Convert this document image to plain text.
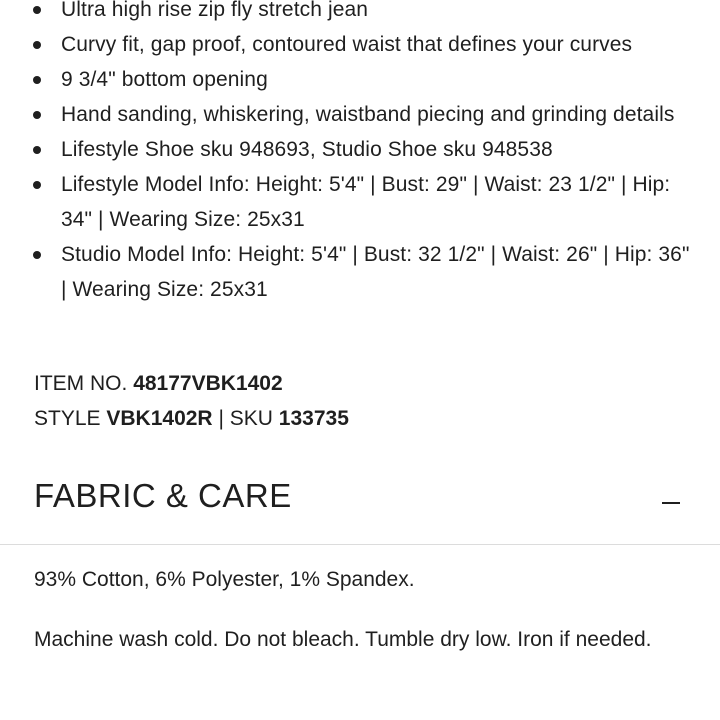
Ultra high rise zip fly stretch jean
Curvy fit, gap proof, contoured waist that defines your curves
9 3/4" bottom opening
Hand sanding, whiskering, waistband piecing and grinding details
Lifestyle Shoe sku 948693, Studio Shoe sku 948538
Lifestyle Model Info: Height: 5'4" | Bust: 29" | Waist: 23 1/2" | Hip: 34" | Wearing Size: 25x31
Studio Model Info: Height: 5'4" | Bust: 32 1/2" | Waist: 26" | Hip: 36" | Wearing Size: 25x31
ITEM NO. 48177VBK1402
STYLE VBK1402R | SKU 133735
FABRIC & CARE
93% Cotton, 6% Polyester, 1% Spandex.
Machine wash cold. Do not bleach. Tumble dry low. Iron if needed.
